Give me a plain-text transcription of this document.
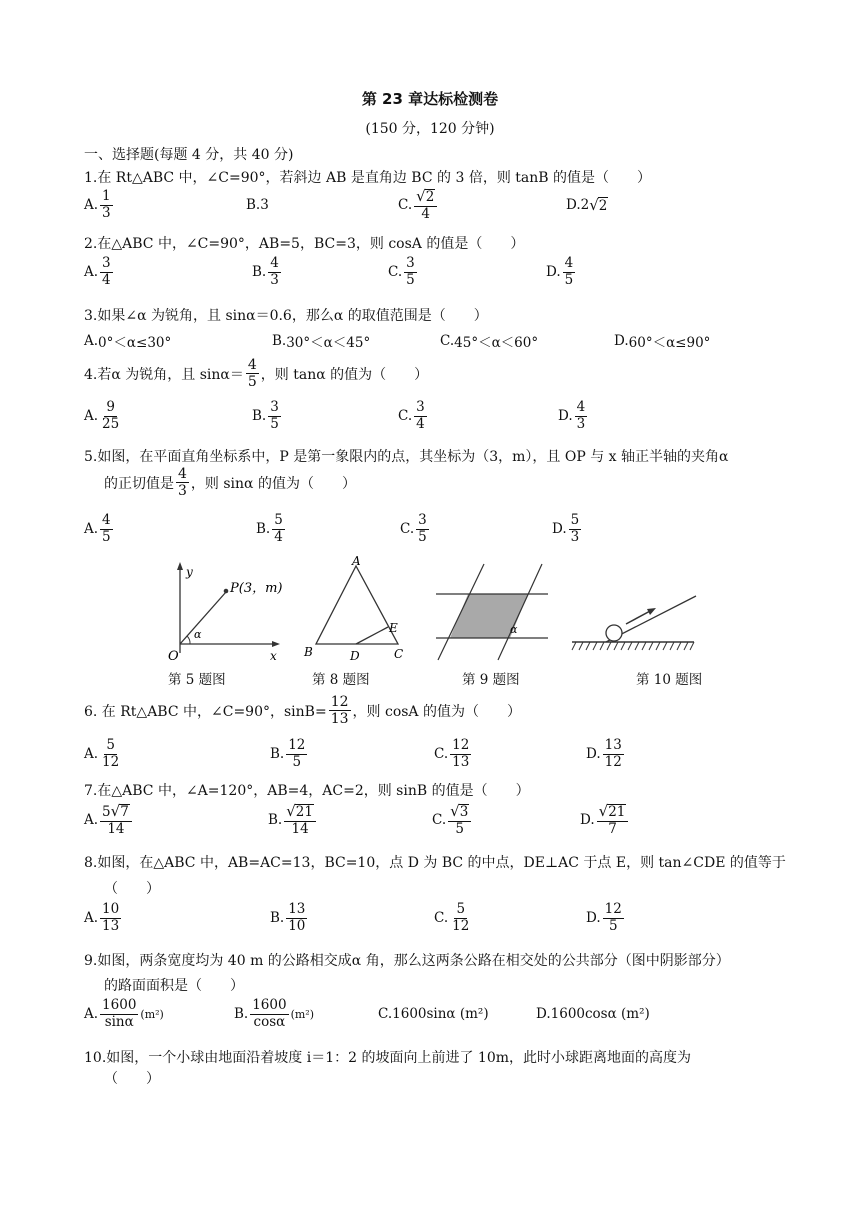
第 23 章达标检测卷
(150 分，120 分钟)
一、选择题(每题 4 分，共 40 分)
1.在 Rt△ABC 中，∠C=90°，若斜边 AB 是直角边 BC 的 3 倍，则 tanB 的值是（　　）
A. $\frac{1}{3}$	B. 3	C. $\frac{√2}{4}$	D. 2 √ 2
2.在△ABC 中，∠C=90°，AB=5，BC=3，则 cosA 的值是（　　）
A. $\frac{3}{4}$	B. $\frac{4}{3}$	C. $\frac{3}{5}$	D. $\frac{4}{5}$
3.如果∠α 为锐角，且 sinα＝0.6，那么α 的取值范围是（　　）
A. 0°＜α≤30°	B. 30°＜α＜45°	C. 45°＜α＜60°	D. 60°＜α≤90°
4.若α 为锐角，且 $\sin\alpha= \frac{4}{5}$ ，则 tanα 的值为（　　）
A. $\frac{9}{25}$	B. $\frac{3}{5}$	C. $\frac{3}{4}$	D. $\frac{4}{3}$
5.如图，在平面直角坐标系中，P 是第一象限内的点，其坐标为（3，m），且 OP 与 x 轴正半轴的夹角α
的正切值是 $\frac{4}{3}$ ，则 sinα 的值为（　　）
A. $\frac{4}{5}$	B. $\frac{5}{4}$	C. $\frac{3}{5}$	D. $\frac{5}{3}$
y
x
O
P(3，m)
α
第 5 题图
A
B	C
D
E
第 8 题图
α
第 9 题图	第 10 题图
6. 在 Rt△ABC 中，∠C=90°，$\sin B= \frac{12}{13}$ ，则 cosA 的值为（　　）
A. $\frac{5}{12}$	B. $\frac{12}{5}$	C. $\frac{12}{13}$	D. $\frac{13}{12}$
7.在△ABC 中，∠A=120°，AB=4，AC=2，则 sinB 的值是（　　）
A. $\frac{5√7}{14}$	B. $\frac{√21}{14}$	C. $\frac{√3}{5}$	D. $\frac{√21}{7}$
8.如图，在△ABC 中，AB=AC=13，BC=10，点 D 为 BC 的中点，DE⊥AC 于点 E，则 tan∠CDE 的值等于
（　　）
A. $\frac{10}{13}$	B. $\frac{13}{10}$	C. $\frac{5}{12}$	D. $\frac{12}{5}$
9.如图，两条宽度均为 40 m 的公路相交成α 角，那么这两条公路在相交处的公共部分（图中阴影部分）
的路面面积是（　　）
A. $\frac{1600}{\sin\alpha} (m^2)$	B. $\frac{1600}{\cos\alpha} (m^2)$	C. 1600sinα (m²)	D. 1600cosα (m²)
10.如图，一个小球由地面沿着坡度 i＝1：2 的坡面向上前进了 10m，此时小球距离地面的高度为
（　　）
